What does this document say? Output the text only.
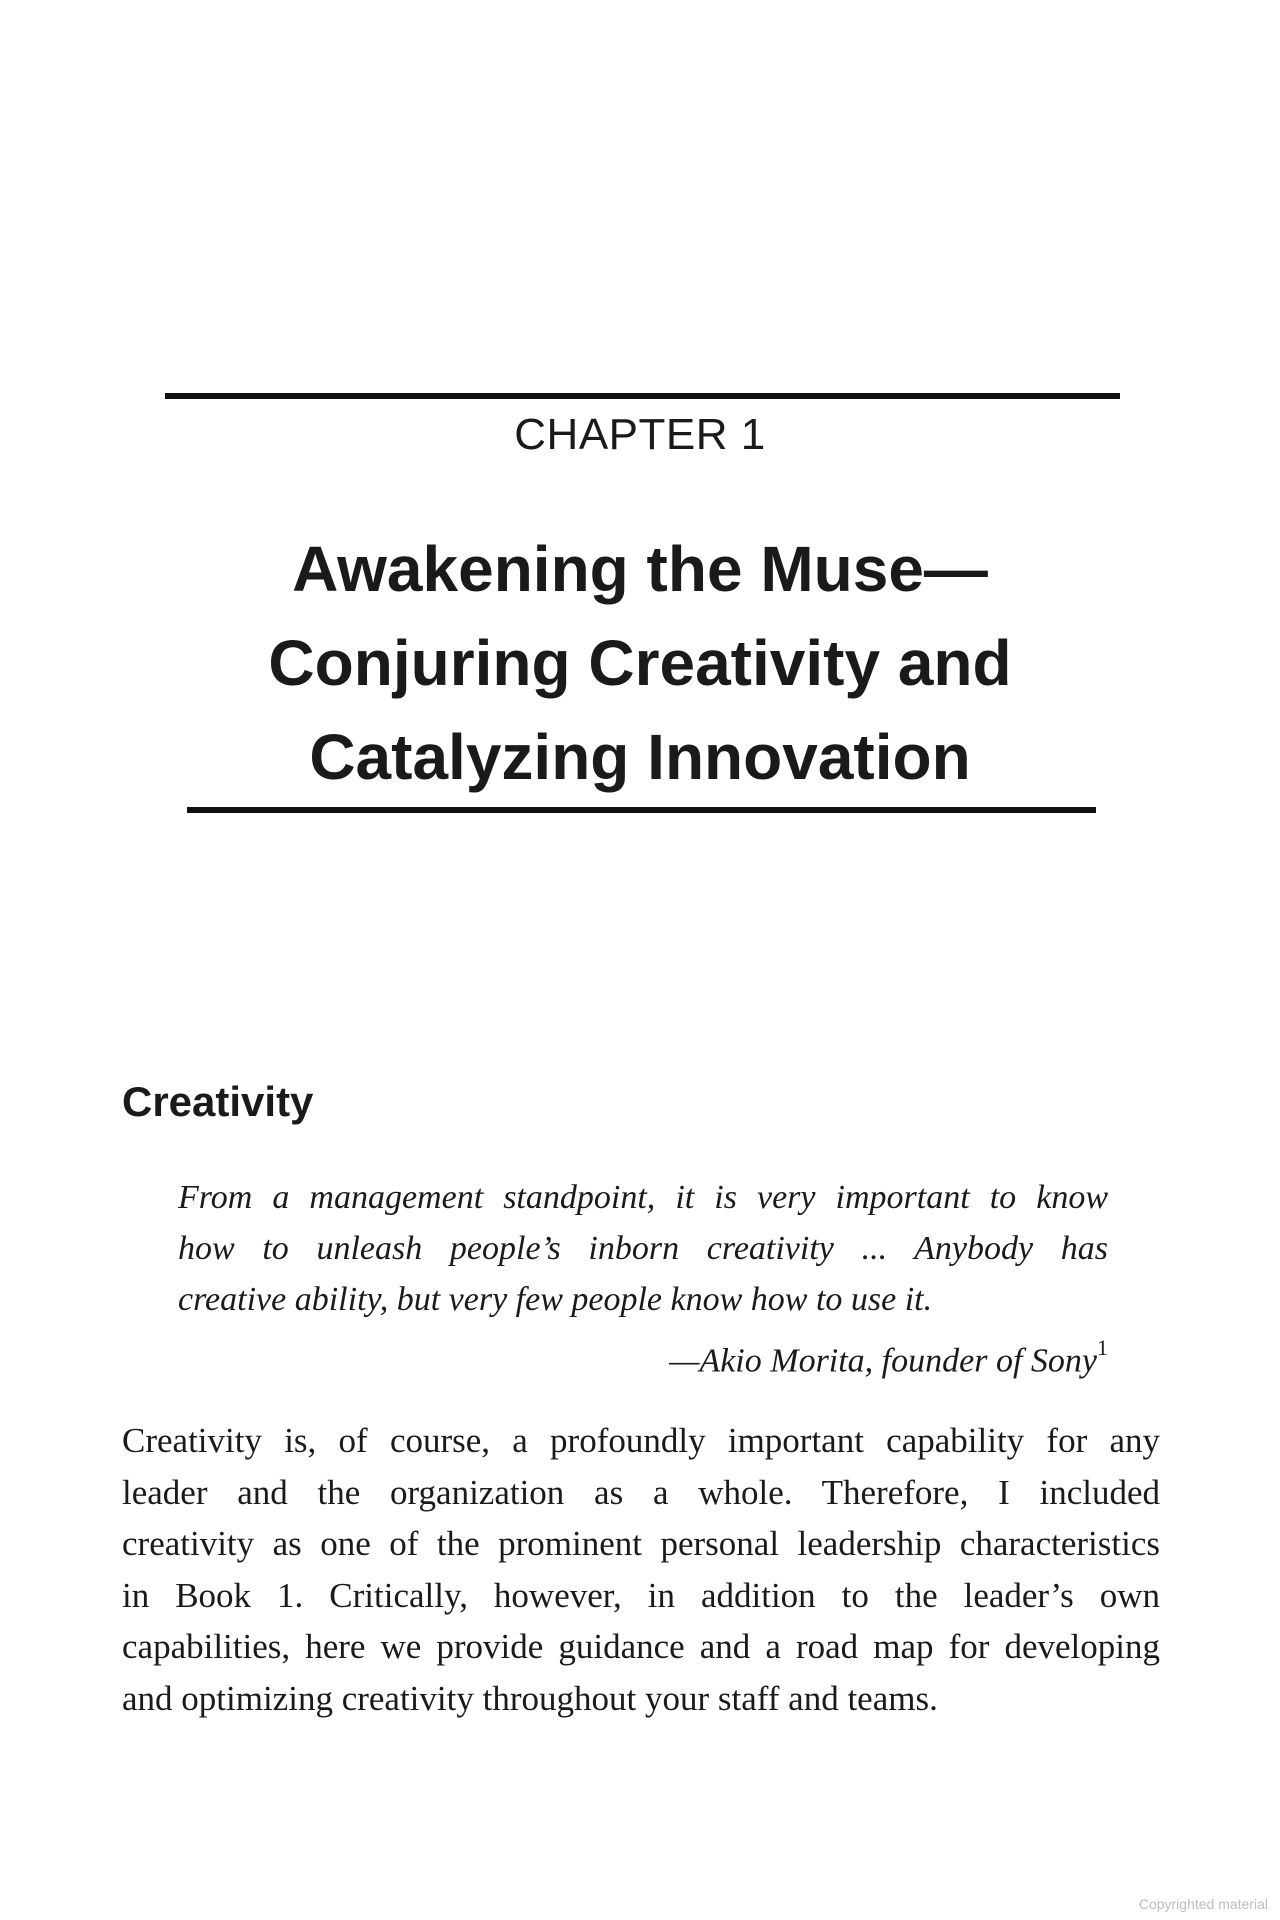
CHAPTER 1
Awakening the Muse—
Conjuring Creativity and
Catalyzing Innovation
Creativity
From a management standpoint, it is very important to know
how to unleash people’s inborn creativity ... Anybody has
creative ability, but very few people know how to use it.
—Akio Morita, founder of Sony$^1$
Creativity is, of course, a profoundly important capability for any
leader and the organization as a whole. Therefore, I included
creativity as one of the prominent personal leadership characteristics
in Book 1. Critically, however, in addition to the leader’s own
capabilities, here we provide guidance and a road map for developing
and optimizing creativity throughout your staff and teams.
Copyrighted material
